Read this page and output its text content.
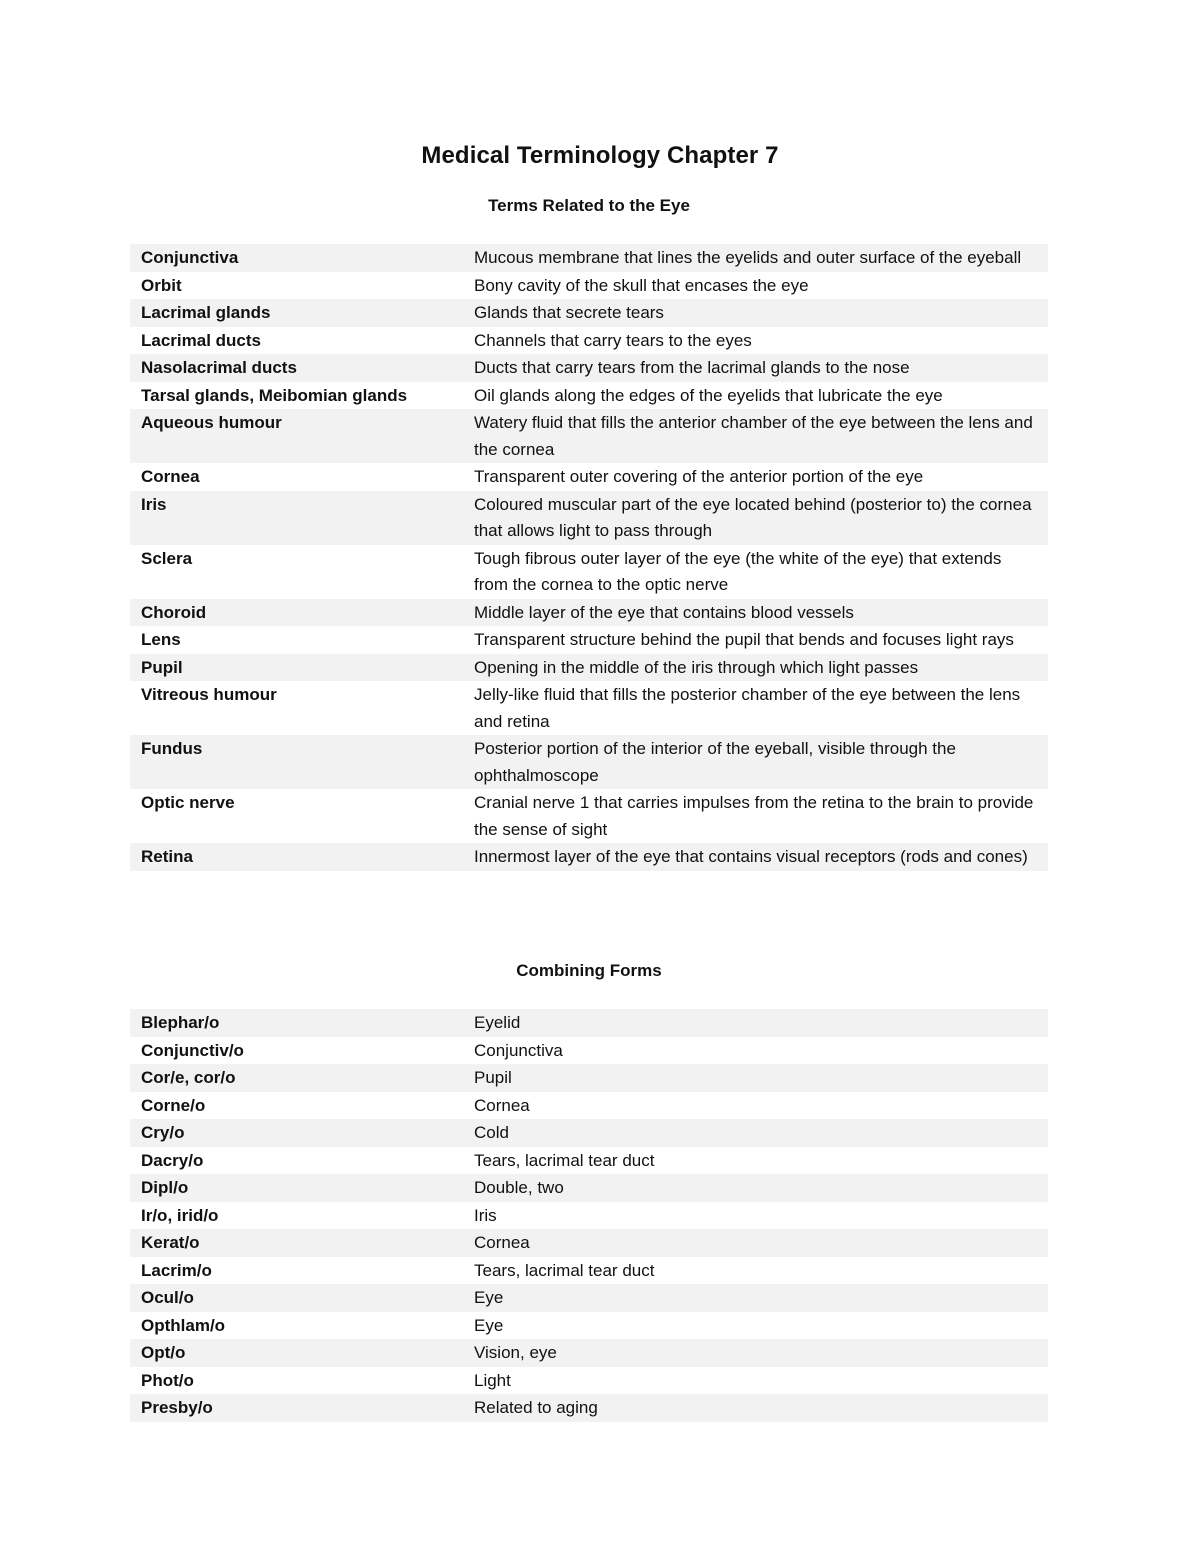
Medical Terminology Chapter 7
Terms Related to the Eye
Conjunctiva	Mucous membrane that lines the eyelids and outer surface of the eyeball
Orbit	Bony cavity of the skull that encases the eye
Lacrimal glands	Glands that secrete tears
Lacrimal ducts	Channels that carry tears to the eyes
Nasolacrimal ducts	Ducts that carry tears from the lacrimal glands to the nose
Tarsal glands, Meibomian glands	Oil glands along the edges of the eyelids that lubricate the eye
Aqueous humour	Watery fluid that fills the anterior chamber of the eye between the lens and the cornea
Cornea	Transparent outer covering of the anterior portion of the eye
Iris	Coloured muscular part of the eye located behind (posterior to) the cornea that allows light to pass through
Sclera	Tough fibrous outer layer of the eye (the white of the eye) that extends from the cornea to the optic nerve
Choroid	Middle layer of the eye that contains blood vessels
Lens	Transparent structure behind the pupil that bends and focuses light rays
Pupil	Opening in the middle of the iris through which light passes
Vitreous humour	Jelly-like fluid that fills the posterior chamber of the eye between the lens and retina
Fundus	Posterior portion of the interior of the eyeball, visible through the ophthalmoscope
Optic nerve	Cranial nerve 1 that carries impulses from the retina to the brain to provide the sense of sight
Retina	Innermost layer of the eye that contains visual receptors (rods and cones)
Combining Forms
Blephar/o	Eyelid
Conjunctiv/o	Conjunctiva
Cor/e, cor/o	Pupil
Corne/o	Cornea
Cry/o	Cold
Dacry/o	Tears, lacrimal tear duct
Dipl/o	Double, two
Ir/o, irid/o	Iris
Kerat/o	Cornea
Lacrim/o	Tears, lacrimal tear duct
Ocul/o	Eye
Opthlam/o	Eye
Opt/o	Vision, eye
Phot/o	Light
Presby/o	Related to aging
